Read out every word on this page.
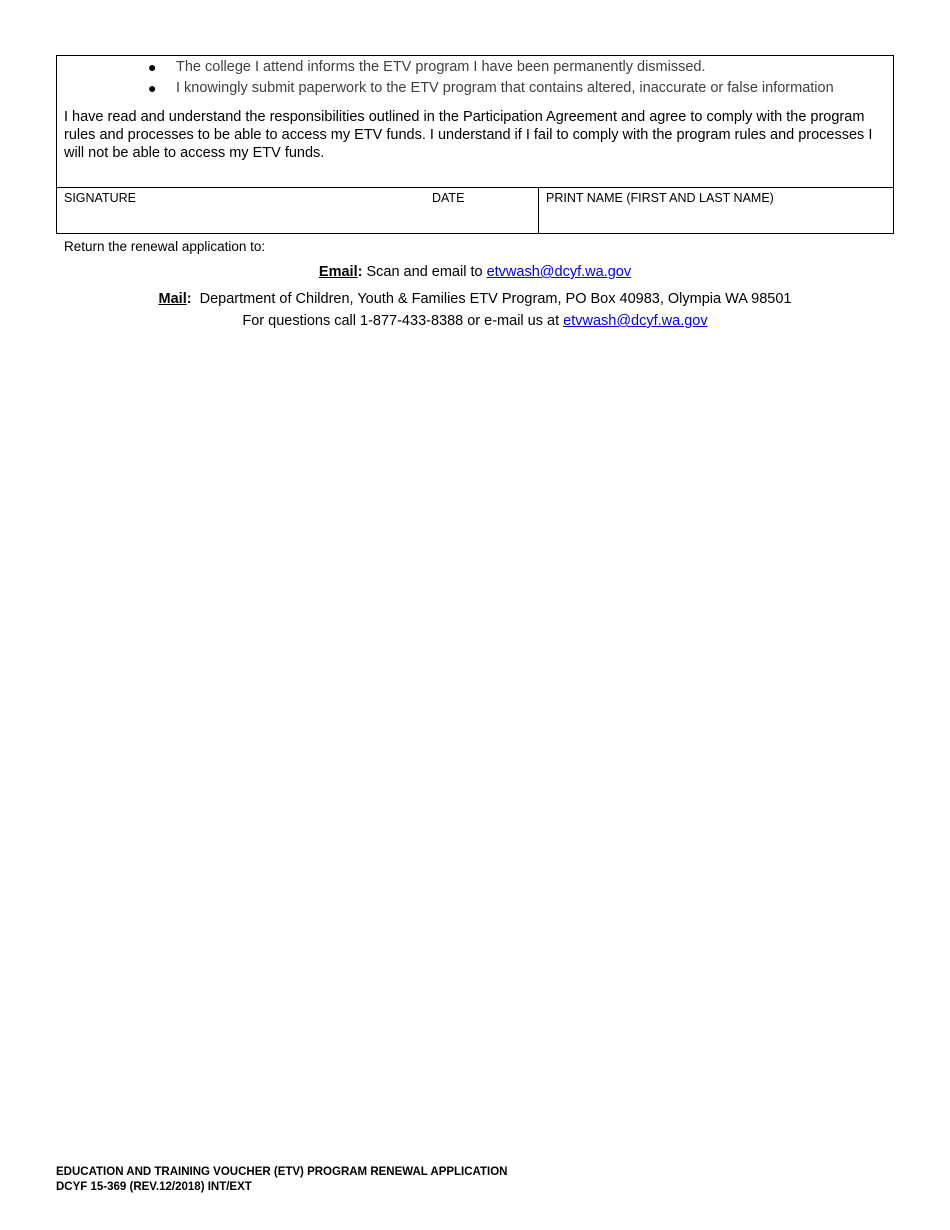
● The college I attend informs the ETV program I have been permanently dismissed.
● I knowingly submit paperwork to the ETV program that contains altered, inaccurate or false information

I have read and understand the responsibilities outlined in the Participation Agreement and agree to comply with the program rules and processes to be able to access my ETV funds. I understand if I fail to comply with the program rules and processes I will not be able to access my ETV funds.

SIGNATURE	DATE	PRINT NAME (FIRST AND LAST NAME)
Return the renewal application to:
Email: Scan and email to etvwash@dcyf.wa.gov
Mail:  Department of Children, Youth & Families ETV Program, PO Box 40983, Olympia WA 98501
For questions call 1-877-433-8388 or e-mail us at etvwash@dcyf.wa.gov
EDUCATION AND TRAINING VOUCHER (ETV) PROGRAM RENEWAL APPLICATION
DCYF 15-369 (REV.12/2018) INT/EXT
